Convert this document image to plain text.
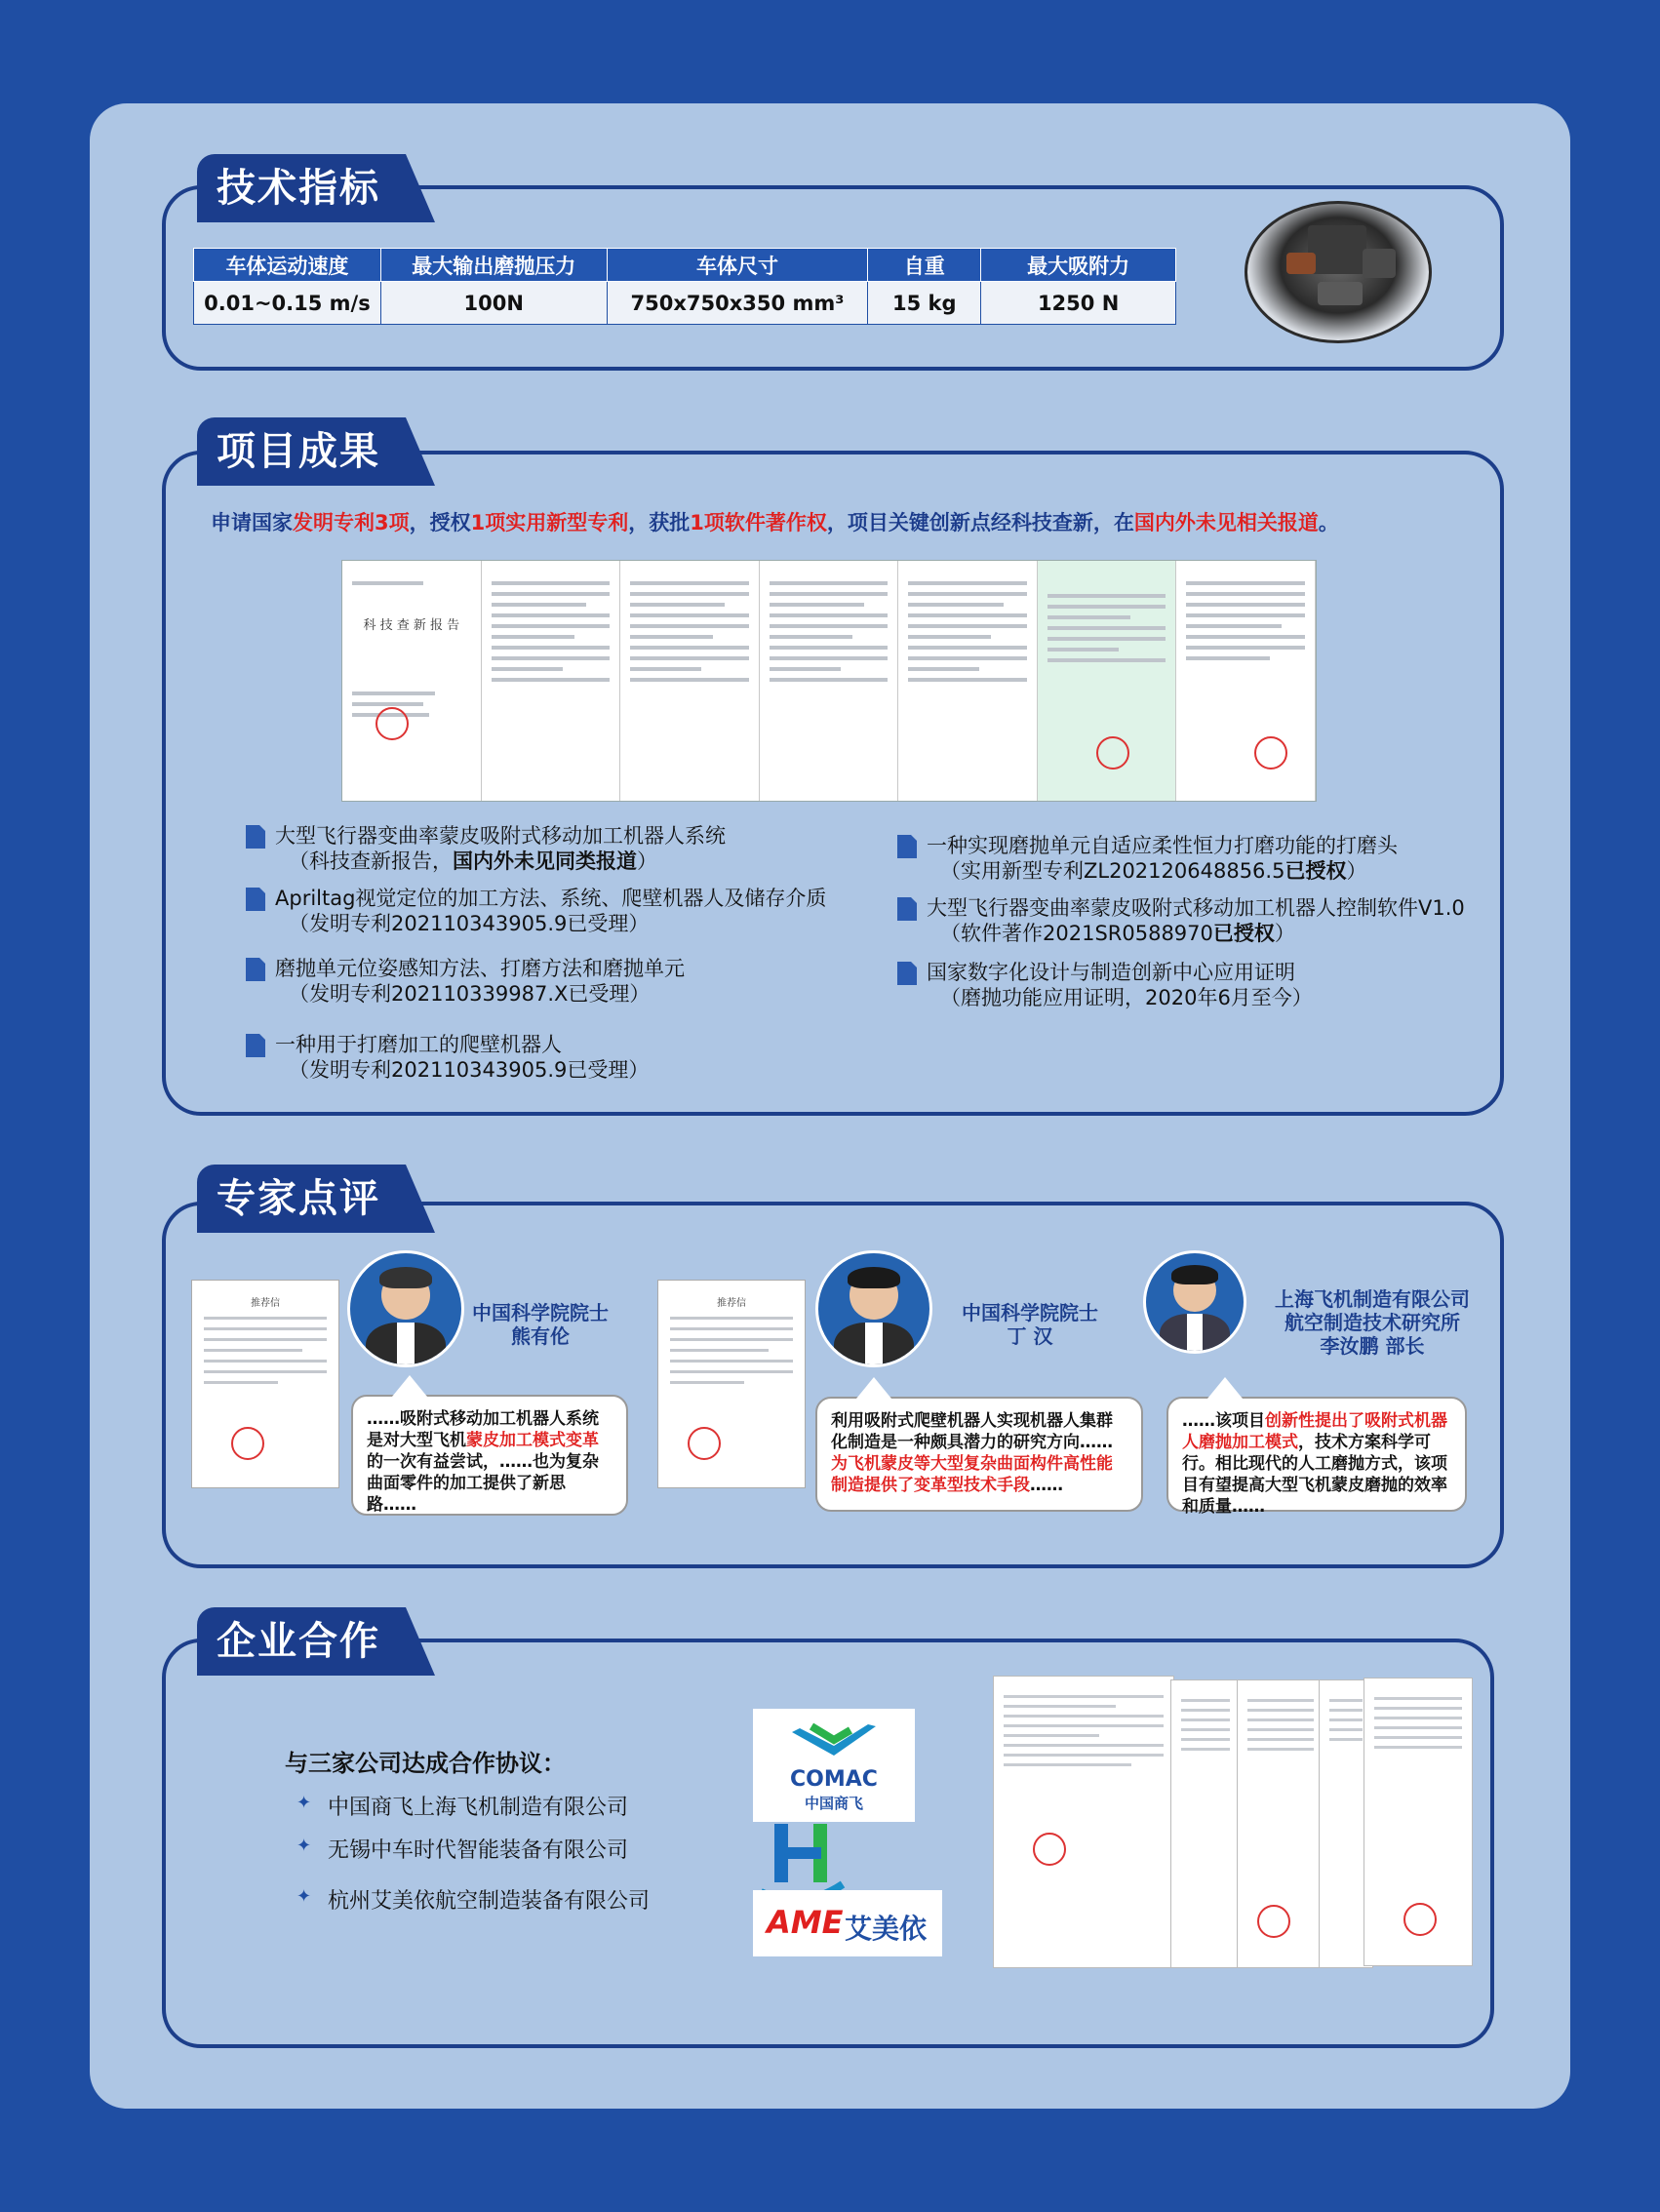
技术指标
车体运动速度	最大输出磨抛压力	车体尺寸	自重	最大吸附力
0.01~0.15 m/s	100N	750x750x350 mm³	15 kg	1250 N
项目成果
申请国家发明专利3项，授权1项实用新型专利，获批1项软件著作权，项目关键创新点经科技查新，在国内外未见相关报道。
科 技 查 新 报 告
大型飞行器变曲率蒙皮吸附式移动加工机器人系统
（科技查新报告，国内外未见同类报道）
Apriltag视觉定位的加工方法、系统、爬壁机器人及储存介质
（发明专利202110343905.9已受理）
磨抛单元位姿感知方法、打磨方法和磨抛单元
（发明专利202110339987.X已受理）
一种用于打磨加工的爬壁机器人
（发明专利202110343905.9已受理）
一种实现磨抛单元自适应柔性恒力打磨功能的打磨头
（实用新型专利ZL202120648856.5已授权）
大型飞行器变曲率蒙皮吸附式移动加工机器人控制软件V1.0
（软件著作2021SR0588970已授权）
国家数字化设计与制造创新中心应用证明
（磨抛功能应用证明，2020年6月至今）
专家点评
推荐信	中国科学院院士
熊有伦
……吸附式移动加工机器人系统是对大型飞机蒙皮加工模式变革的一次有益尝试，……也为复杂曲面零件的加工提供了新思路……
推荐信	中国科学院院士
丁 汉
利用吸附式爬壁机器人实现机器人集群化制造是一种颇具潜力的研究方向……为飞机蒙皮等大型复杂曲面构件高性能制造提供了变革型技术手段……
上海飞机制造有限公司
航空制造技术研究所
李汝鹏 部长
……该项目创新性提出了吸附式机器人磨抛加工模式，技术方案科学可行。相比现代的人工磨抛方式，该项目有望提高大型飞机蒙皮磨抛的效率和质量……
企业合作
与三家公司达成合作协议：
✦ 中国商飞上海飞机制造有限公司
✦ 无锡中车时代智能装备有限公司
✦ 杭州艾美依航空制造装备有限公司
COMAC
中国商飞
AME 艾美依
